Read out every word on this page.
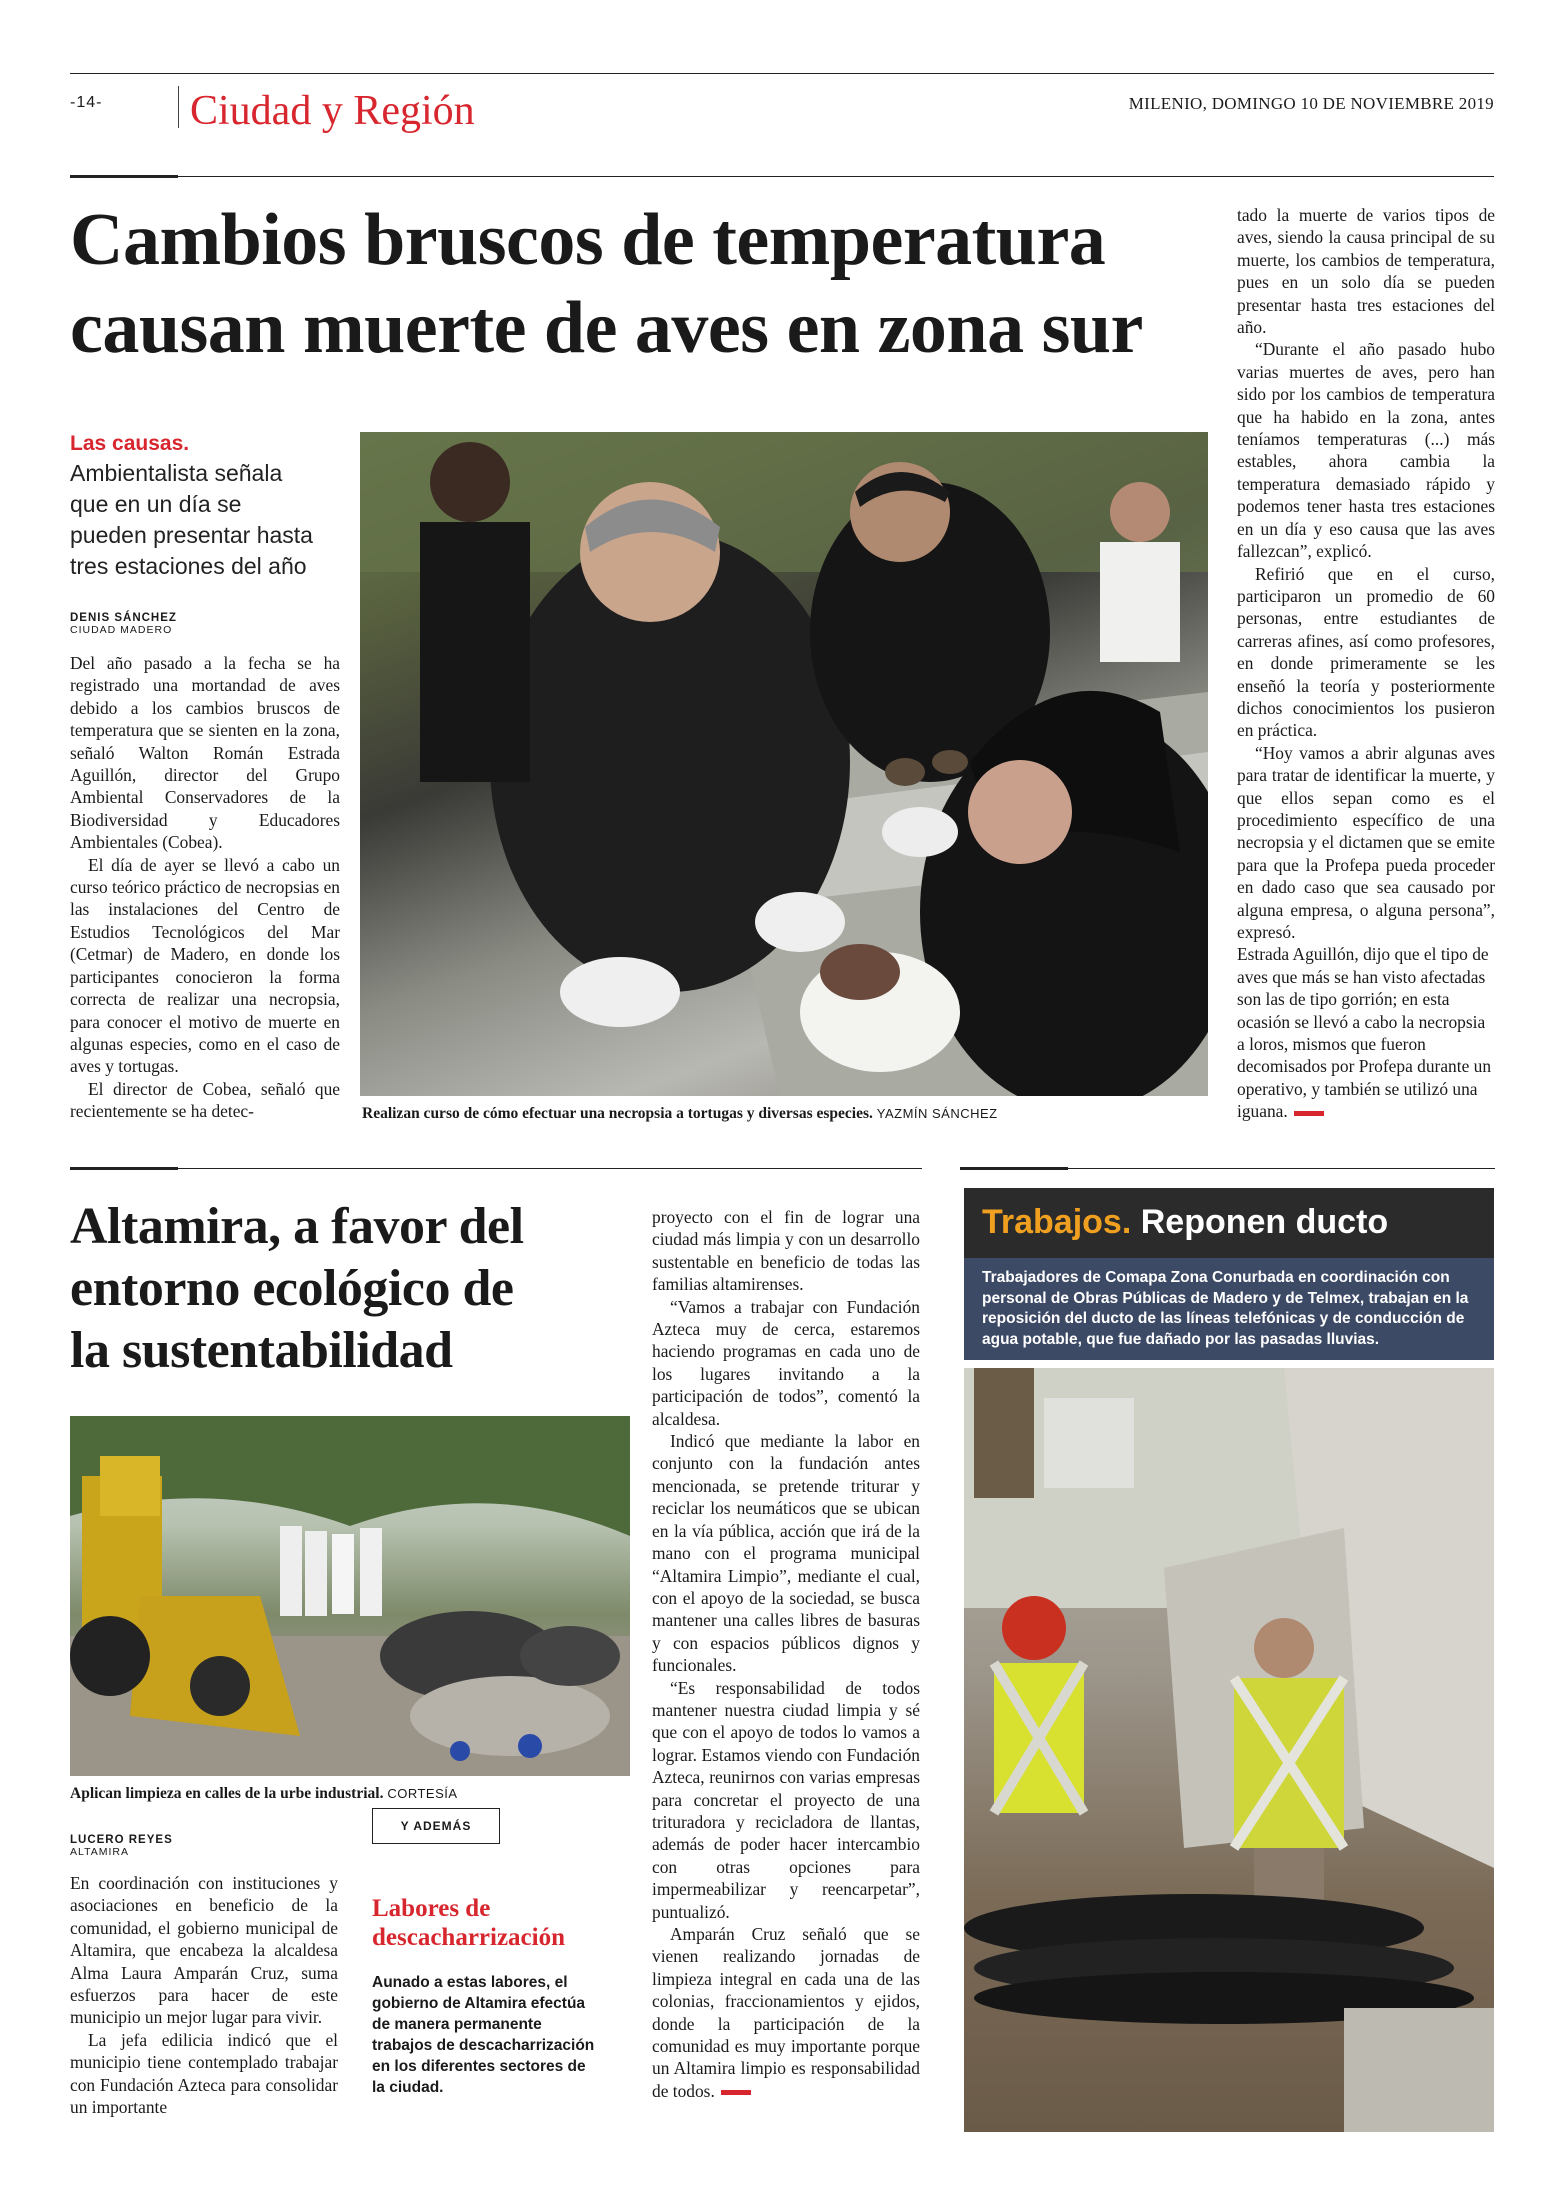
-14- Ciudad y Región	MILENIO, DOMINGO 10 DE NOVIEMBRE 2019
Cambios bruscos de temperatura
causan muerte de aves en zona sur
Las causas.
Ambientalista señala que en un día se pueden presentar hasta tres estaciones del año
DENIS SÁNCHEZ
CIUDAD MADERO

Del año pasado a la fecha se ha registrado una mortandad de aves debido a los cambios bruscos de temperatura que se sienten en la zona, señaló Walton Román Estrada Aguillón, director del Grupo Ambiental Conservadores de la Biodiversidad y Educadores Ambientales (Cobea).

El día de ayer se llevó a cabo un curso teórico práctico de necropsias en las instalaciones del Centro de Estudios Tecnológicos del Mar (Cetmar) de Madero, en donde los participantes conocieron la forma correcta de realizar una necropsia, para conocer el motivo de muerte en algunas especies, como en el caso de aves y tortugas.

El director de Cobea, señaló que recientemente se ha detec-	Realizan curso de cómo efectuar una necropsia a tortugas y diversas especies. YAZMÍN SÁNCHEZ

tado la muerte de varios tipos de aves, siendo la causa principal de su muerte, los cambios de temperatura, pues en un solo día se pueden presentar hasta tres estaciones del año.

“Durante el año pasado hubo varias muertes de aves, pero han sido por los cambios de temperatura que ha habido en la zona, antes teníamos temperaturas (...) más estables, ahora cambia la temperatura demasiado rápido y podemos tener hasta tres estaciones en un día y eso causa que las aves fallezcan”, explicó.

Refirió que en el curso, participaron un promedio de 60 personas, entre estudiantes de carreras afines, así como profesores, en donde primeramente se les enseñó la teoría y posteriormente dichos conocimientos los pusieron en práctica.

“Hoy vamos a abrir algunas aves para tratar de identificar la muerte, y que ellos sepan como es el procedimiento específico de una necropsia y el dictamen que se emite para que la Profepa pueda proceder en dado caso que sea causado por alguna empresa, o alguna persona”, expresó.

Estrada Aguillón, dijo que el tipo de aves que más se han visto afectadas son las de tipo gorrión; en esta ocasión se llevó a cabo la necropsia a loros, mismos que fueron decomisados por Profepa durante un operativo, y también se utilizó una iguana.

Altamira, a favor del
entorno ecológico de
la sustentabilidad
Aplican limpieza en calles de la urbe industrial. CORTESÍA
LUCERO REYES
ALTAMIRA

En coordinación con instituciones y asociaciones en beneficio de la comunidad, el gobierno municipal de Altamira, que encabeza la alcaldesa Alma Laura Amparán Cruz, suma esfuerzos para hacer de este municipio un mejor lugar para vivir.

La jefa edilicia indicó que el municipio tiene contemplado trabajar con Fundación Azteca para consolidar un importante

Y ADEMÁS
Labores de descacharrización
Aunado a estas labores, el gobierno de Altamira efectúa de manera permanente trabajos de descacharrización en los diferentes sectores de la ciudad.

proyecto con el fin de lograr una ciudad más limpia y con un desarrollo sustentable en beneficio de todas las familias altamirenses.

“Vamos a trabajar con Fundación Azteca muy de cerca, estaremos haciendo programas en cada uno de los lugares invitando a la participación de todos”, comentó la alcaldesa.

Indicó que mediante la labor en conjunto con la fundación antes mencionada, se pretende triturar y reciclar los neumáticos que se ubican en la vía pública, acción que irá de la mano con el programa municipal “Altamira Limpio”, mediante el cual, con el apoyo de la sociedad, se busca mantener una calles libres de basuras y con espacios públicos dignos y funcionales.

“Es responsabilidad de todos mantener nuestra ciudad limpia y sé que con el apoyo de todos lo vamos a lograr. Estamos viendo con Fundación Azteca, reunirnos con varias empresas para concretar el proyecto de una trituradora y recicladora de llantas, además de poder hacer intercambio con otras opciones para impermeabilizar y reencarpetar”, puntualizó.

Amparán Cruz señaló que se vienen realizando jornadas de limpieza integral en cada una de las colonias, fraccionamientos y ejidos, donde la participación de la comunidad es muy importante porque un Altamira limpio es responsabilidad de todos.

Trabajos. Reponen ducto
Trabajadores de Comapa Zona Conurbada en coordinación con personal de Obras Públicas de Madero y de Telmex, trabajan en la reposición del ducto de las líneas telefónicas y de conducción de agua potable, que fue dañado por las pasadas lluvias.
